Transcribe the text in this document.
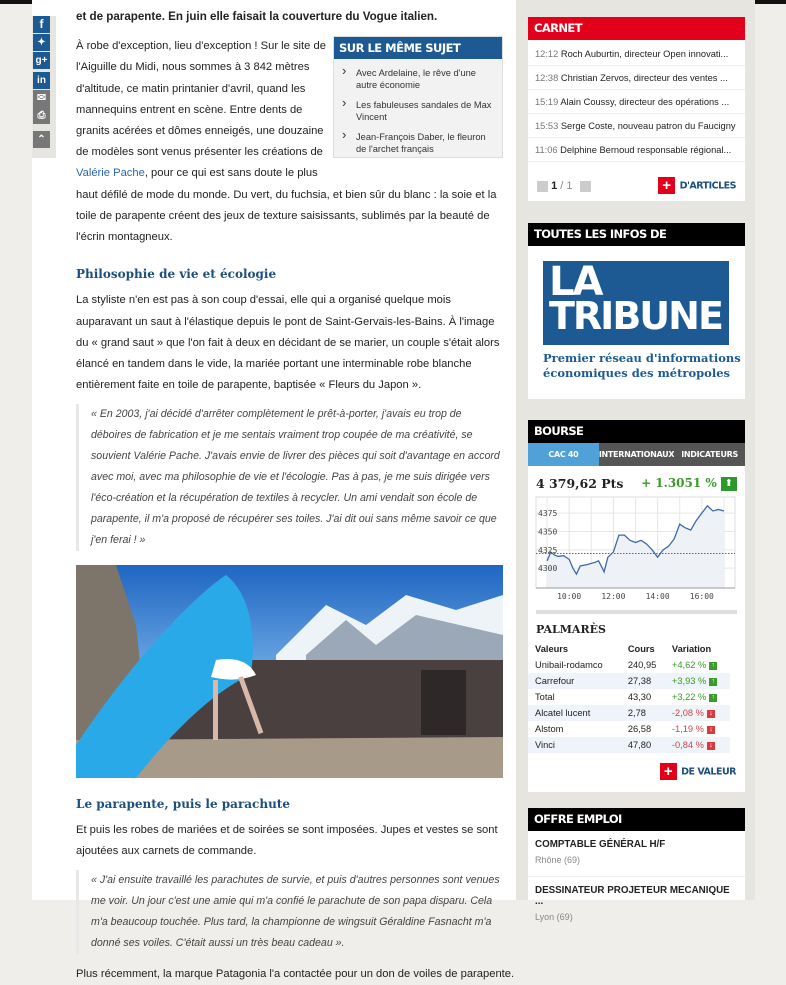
f
✦
g+
in
✉
⎙
⌃

et de parapente. En juin elle faisait la couverture du Vogue italien.

À robe d'exception, lieu d'exception ! Sur le site de l'Aiguille du Midi, nous sommes à 3 842 mètres d'altitude, ce matin printanier d'avril, quand les mannequins entrent en scène. Entre dents de granits acérées et dômes enneigés, une douzaine de modèles sont venus présenter les créations de Valérie Pache, pour ce qui est sans doute le plus haut défilé de mode du monde. Du vert, du fuchsia, et bien sûr du blanc : la soie et la toile de parapente créent des jeux de texture saisissants, sublimés par la beauté de l'écrin montagneux.

Philosophie de vie et écologie

La styliste n'en est pas à son coup d'essai, elle qui a organisé quelque mois auparavant un saut à l'élastique depuis le pont de Saint-Gervais-les-Bains. À l'image du « grand saut » que l'on fait à deux en décidant de se marier, un couple s'était alors élancé en tandem dans le vide, la mariée portant une interminable robe blanche entièrement faite en toile de parapente, baptisée « Fleurs du Japon ».

« En 2003, j'ai décidé d'arrêter complètement le prêt-à-porter, j'avais eu trop de déboires de fabrication et je me sentais vraiment trop coupée de ma créativité, se souvient Valérie Pache. J'avais envie de livrer des pièces qui soit d'avantage en accord avec moi, avec ma philosophie de vie et l'écologie. Pas à pas, je me suis dirigée vers l'éco-création et la récupération de textiles à recycler. Un ami vendait son école de parapente, il m'a proposé de récupérer ses toiles. J'ai dit oui sans même savoir ce que j'en ferai ! »

Le parapente, puis le parachute

Et puis les robes de mariées et de soirées se sont imposées. Jupes et vestes se sont ajoutées aux carnets de commande.

« J'ai ensuite travaillé les parachutes de survie, et puis d'autres personnes sont venues me voir. Un jour c'est une amie qui m'a confié le parachute de son papa disparu. Cela m'a beaucoup touchée. Plus tard, la championne de wingsuit Géraldine Fasnacht m'a donné ses voiles. C'était aussi un très beau cadeau ».

Plus récemment, la marque Patagonia l'a contactée pour un don de voiles de parapente.

SUR LE MÊME SUJET
› Avec Ardelaine, le rêve d'une autre économie
› Les fabuleuses sandales de Max Vincent
› Jean-François Daber, le fleuron de l'archet français
CARNET
12:12 Roch Auburtin, directeur Open innovati...
12:38 Christian Zervos, directeur des ventes ...
15:19 Alain Coussy, directeur des opérations ...
15:53 Serge Coste, nouveau patron du Faucigny
11:06 Delphine Bernoud responsable régional...
1 / 1	+ D'ARTICLES
TOUTES LES INFOS DE LATRIBUNE.FR
LA
TRIBUNE

Premier réseau d'informations économiques des métropoles

BOURSE
CAC 40	INTERNATIONAUX INDICATEURS
4 379,62 Pts + 1.3051 % ⬆
4375
4350
4325
4300
10:00	12:00	14:00	16:00
PALMARÈS
Valeurs	Cours	Variation
Unibail-rodamco	240,95	+4,62 % ↑
Carrefour	27,38	+3,93 % ↑
Total	43,30	+3,22 % ↑
Alcatel lucent	2,78	-2,08 % ↓
Alstom	26,58	-1,19 % ↓
Vinci	47,80	-0,84 % ↓
+ DE VALEUR
OFFRE EMPLOI
COMPTABLE GÉNÉRAL H/F
Rhône (69)
DESSINATEUR PROJETEUR MECANIQUE ...
Lyon (69)
